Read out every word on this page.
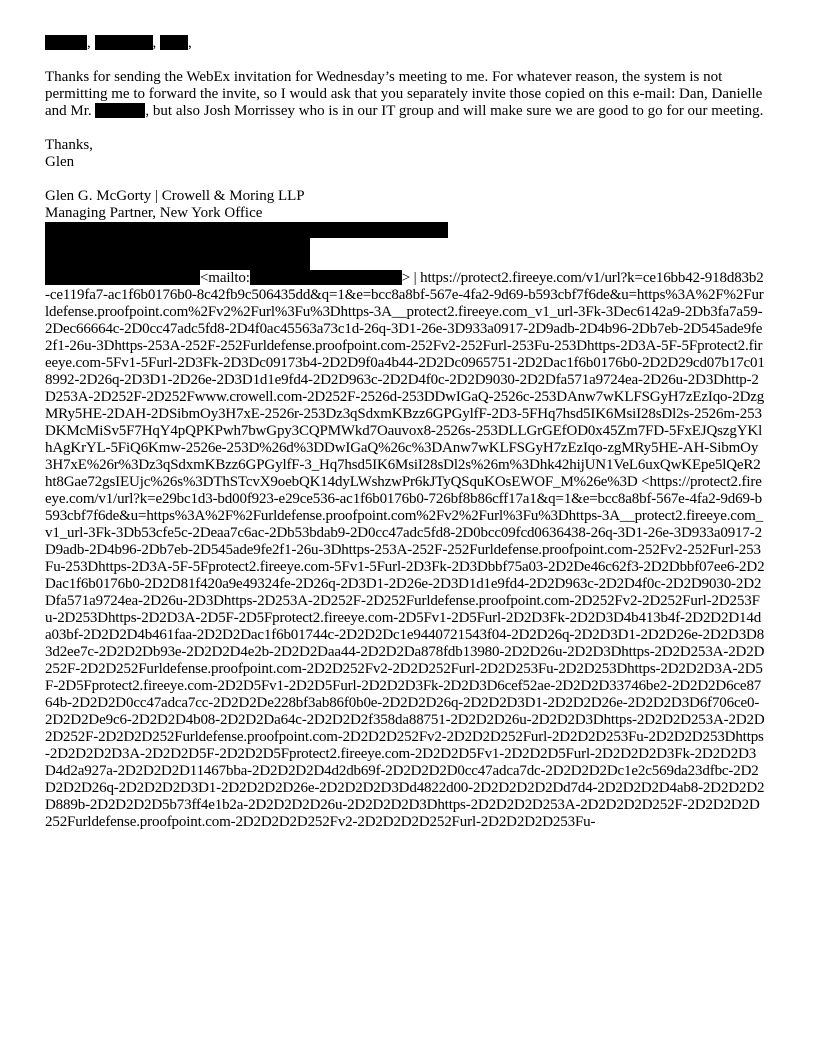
,	, ,

Thanks for sending the WebEx invitation for Wednesday’s meeting to me. For whatever reason, the system is not permitting me to forward the invite, so I would ask that you separately invite those copied on this e-mail: Dan, Danielle and Mr.	, but also Josh Morrissey who is in our IT group and will make sure we are good to go for our meeting.

Thanks,

Glen

Glen G. McGorty | Crowell & Moring LLP

Managing Partner, New York Office

<mailto:	> | https://protect2.fireeye.com/v1/url?k=ce16bb42-918d83b2-ce119fa7-ac1f6b0176b0-8c42fb9c506435dd&q=1&e=bcc8a8bf-567e-4fa2-9d69-b593cbf7f6de&u=https%3A%2F%2Furldefense.proofpoint.com%2Fv2%2Furl%3Fu%3Dhttps-3A__protect2.fireeye.com_v1_url-3Fk-3Dec6142a9-2Db3fa7a59-2Dec66664c-2D0cc47adc5fd8-2D4f0ac45563a73c1d-26q-3D1-26e-3D933a0917-2D9adb-2D4b96-2Db7eb-2D545ade9fe2f1-26u-3Dhttps-253A-252F-252Furldefense.proofpoint.com-252Fv2-252Furl-253Fu-253Dhttps-2D3A-5F-5Fprotect2.fireeye.com-5Fv1-5Furl-2D3Fk-2D3Dc09173b4-2D2D9f0a4b44-2D2Dc0965751-2D2Dac1f6b0176b0-2D2D29cd07b17c018992-2D26q-2D3D1-2D26e-2D3D1d1e9fd4-2D2D963c-2D2D4f0c-2D2D9030-2D2Dfa571a9724ea-2D26u-2D3Dhttp-2D253A-2D252F-2D252Fwww.crowell.com-2D252F-2526d-253DDwIGaQ-2526c-253DAnw7wKLFSGyH7zEzIqo-2DzgMRy5HE-2DAH-2DSibmOy3H7xE-2526r-253Dz3qSdxmKBzz6GPGylfF-2D3-5FHq7hsd5IK6MsiI28sDl2s-2526m-253DKMcMiSv5F7HqY4pQPKPwh7bwGpy3CQPMWkd7Oauvox8-2526s-253DLLGrGEfOD0x45Zm7FD-5FxEJQszgYKlhAgKrYL-5FiQ6Kmw-2526e-253D%26d%3DDwIGaQ%26c%3DAnw7wKLFSGyH7zEzIqo-zgMRy5HE-AH-SibmOy3H7xE%26r%3Dz3qSdxmKBzz6GPGylfF-3_Hq7hsd5IK6MsiI28sDl2s%26m%3Dhk42hijUN1VeL6uxQwKEpe5lQeR2ht8Gae72gsIEUjc%26s%3DThSTcvX9oebQK14dyLWshzwPr6kJTyQSquKOsEWOF_M%26e%3D <https://protect2.fireeye.com/v1/url?k=e29bc1d3-bd00f923-e29ce536-ac1f6b0176b0-726bf8b86cff17a1&q=1&e=bcc8a8bf-567e-4fa2-9d69-b593cbf7f6de&u=https%3A%2F%2Furldefense.proofpoint.com%2Fv2%2Furl%3Fu%3Dhttps-3A__protect2.fireeye.com_v1_url-3Fk-3Db53cfe5c-2Deaa7c6ac-2Db53bdab9-2D0cc47adc5fd8-2D0bcc09fcd0636438-26q-3D1-26e-3D933a0917-2D9adb-2D4b96-2Db7eb-2D545ade9fe2f1-26u-3Dhttps-253A-252F-252Furldefense.proofpoint.com-252Fv2-252Furl-253Fu-253Dhttps-2D3A-5F-5Fprotect2.fireeye.com-5Fv1-5Furl-2D3Fk-2D3Dbbf75a03-2D2De46c62f3-2D2Dbbf07ee6-2D2Dac1f6b0176b0-2D2D81f420a9e49324fe-2D26q-2D3D1-2D26e-2D3D1d1e9fd4-2D2D963c-2D2D4f0c-2D2D9030-2D2Dfa571a9724ea-2D26u-2D3Dhttps-2D253A-2D252F-2D252Furldefense.proofpoint.com-2D252Fv2-2D252Furl-2D253Fu-2D253Dhttps-2D2D3A-2D5F-2D5Fprotect2.fireeye.com-2D5Fv1-2D5Furl-2D2D3Fk-2D2D3D4b413b4f-2D2D2D14da03bf-2D2D2D4b461faa-2D2D2Dac1f6b01744c-2D2D2Dc1e9440721543f04-2D2D26q-2D2D3D1-2D2D26e-2D2D3D83d2ee7c-2D2D2Db93e-2D2D2D4e2b-2D2D2Daa44-2D2D2Da878fdb13980-2D2D26u-2D2D3Dhttps-2D2D253A-2D2D252F-2D2D252Furldefense.proofpoint.com-2D2D252Fv2-2D2D252Furl-2D2D253Fu-2D2D253Dhttps-2D2D2D3A-2D5F-2D5Fprotect2.fireeye.com-2D2D5Fv1-2D2D5Furl-2D2D2D3Fk-2D2D3D6cef52ae-2D2D2D33746be2-2D2D2D6ce8764b-2D2D2D0cc47adca7cc-2D2D2De228bf3ab86f0b0e-2D2D2D26q-2D2D2D3D1-2D2D2D26e-2D2D2D3D6f706ce0-2D2D2De9c6-2D2D2D4b08-2D2D2Da64c-2D2D2D2f358da88751-2D2D2D26u-2D2D2D3Dhttps-2D2D2D253A-2D2D2D252F-2D2D2D252Furldefense.proofpoint.com-2D2D2D252Fv2-2D2D2D252Furl-2D2D2D253Fu-2D2D2D253Dhttps-2D2D2D2D3A-2D2D2D5F-2D2D2D5Fprotect2.fireeye.com-2D2D2D5Fv1-2D2D2D5Furl-2D2D2D2D3Fk-2D2D2D3D4d2a927a-2D2D2D2D11467bba-2D2D2D2D4d2db69f-2D2D2D2D0cc47adca7dc-2D2D2D2Dc1e2c569da23dfbc-2D2D2D2D26q-2D2D2D2D3D1-2D2D2D2D26e-2D2D2D2D3Dd4822d00-2D2D2D2D2Dd7d4-2D2D2D2D4ab8-2D2D2D2D889b-2D2D2D2D5b73ff4e1b2a-2D2D2D2D26u-2D2D2D2D3Dhttps-2D2D2D2D253A-2D2D2D2D252F-2D2D2D2D252Furldefense.proofpoint.com-2D2D2D2D252Fv2-2D2D2D2D252Furl-2D2D2D2D253Fu-
